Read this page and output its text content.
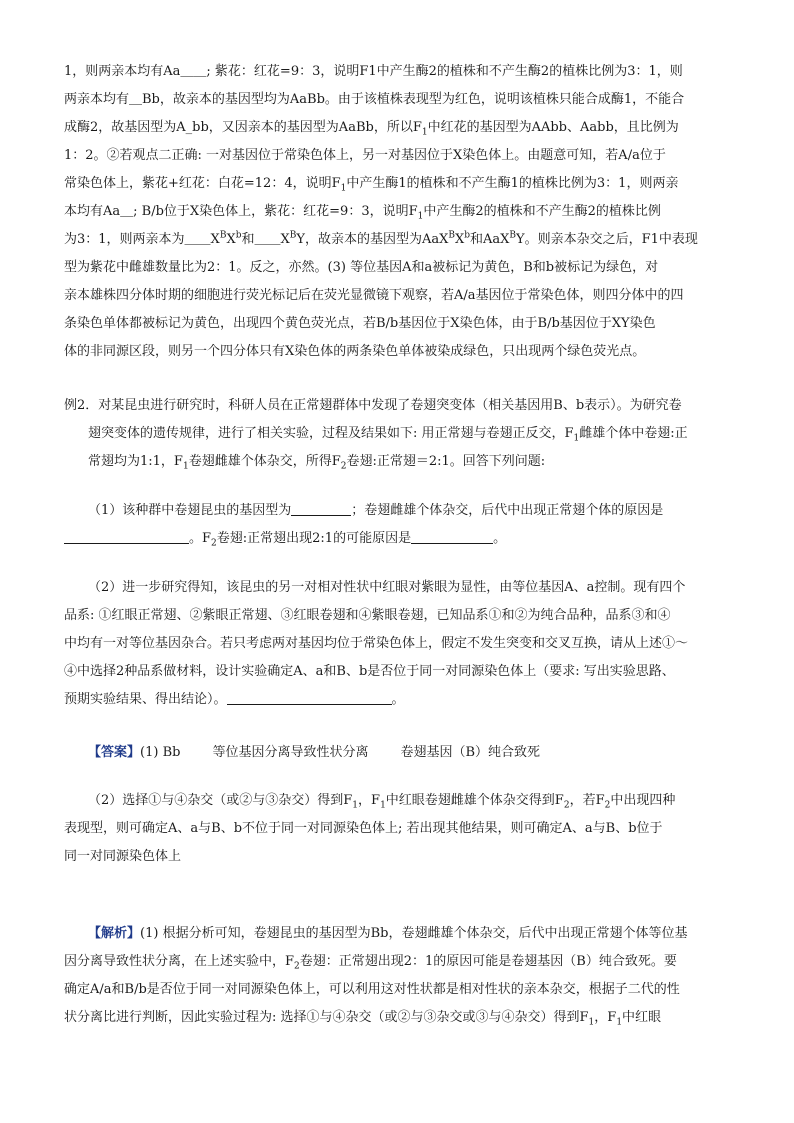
1，则两亲本均有Aa＿＿; 紫花：红花=9：3，说明F1中产生酶2的植株和不产生酶2的植株比例为3：1，则

两亲本均有＿Bb，故亲本的基因型均为AaBb。由于该植株表现型为红色，说明该植株只能合成酶1，不能合

成酶2，故基因型为A_bb，又因亲本的基因型为AaBb，所以$F_1$中红花的基因型为AAbb、Aabb，且比例为

1：2。②若观点二正确: 一对基因位于常染色体上，另一对基因位于X染色体上。由题意可知，若A/a位于

常染色体上，紫花+红花：白花=12：4，说明$F_1$中产生酶1的植株和不产生酶1的植株比例为3：1，则两亲

本均有Aa＿; B/b位于X染色体上，紫花：红花=9：3，说明$F_1$中产生酶2的植株和不产生酶2的植株比例

为3：1，则两亲本为$\_\_X^BX^b$和$\_\_X^BY$，故亲本的基因型为$AaX^BX^b$和AaX$^B$Y。则亲本杂交之后，F1中表现

型为紫花中雌雄数量比为2：1。反之，亦然。(3) 等位基因A和a被标记为黄色，B和b被标记为绿色，对

亲本雄株四分体时期的细胞进行荧光标记后在荧光显微镜下观察，若A/a基因位于常染色体，则四分体中的四

条染色单体都被标记为黄色，出现四个黄色荧光点，若B/b基因位于X染色体，由于B/b基因位于XY染色

体的非同源区段，则另一个四分体只有X染色体的两条染色单体被染成绿色，只出现两个绿色荧光点。

例2．对某昆虫进行研究时，科研人员在正常翅群体中发现了卷翅突变体（相关基因用B、b表示）。为研究卷

翅突变体的遗传规律，进行了相关实验，过程及结果如下: 用正常翅与卷翅正反交，$F_1$雌雄个体中卷翅:正

常翅均为1:1，$F_1$卷翅雌雄个体杂交，所得$F_2$卷翅:正常翅＝2:1。回答下列问题:

（1）该种群中卷翅昆虫的基因型为	；卷翅雌雄个体杂交，后代中出现正常翅个体的原因是

。$F_2$卷翅:正常翅出现2:1的可能原因是	。

（2）进一步研究得知，该昆虫的另一对相对性状中红眼对紫眼为显性，由等位基因A、a控制。现有四个

品系: ①红眼正常翅、②紫眼正常翅、③红眼卷翅和④紫眼卷翅，已知品系①和②为纯合品种，品系③和④

中均有一对等位基因杂合。若只考虑两对基因均位于常染色体上，假定不发生突变和交叉互换，请从上述①～

④中选择2种品系做材料，设计实验确定A、a和B、b是否位于同一对同源染色体上（要求: 写出实验思路、

预期实验结果、得出结论）。	。

【答案】(1) Bb 等位基因分离导致性状分离 卷翅基因（B）纯合致死

（2）选择①与④杂交（或②与③杂交）得到$F_1$，$F_1$中红眼卷翅雌雄个体杂交得到$F_2$，若$F_2$中出现四种

表现型，则可确定A、a与B、b不位于同一对同源染色体上; 若出现其他结果，则可确定A、a与B、b位于

同一对同源染色体上

【解析】(1) 根据分析可知，卷翅昆虫的基因型为Bb，卷翅雌雄个体杂交，后代中出现正常翅个体等位基

因分离导致性状分离，在上述实验中，$F_2$卷翅：正常翅出现2：1的原因可能是卷翅基因（B）纯合致死。要

确定A/a和B/b是否位于同一对同源染色体上，可以利用这对性状都是相对性状的亲本杂交，根据子二代的性

状分离比进行判断，因此实验过程为: 选择①与④杂交（或②与③杂交或③与④杂交）得到$F_1$，$F_1$中红眼
